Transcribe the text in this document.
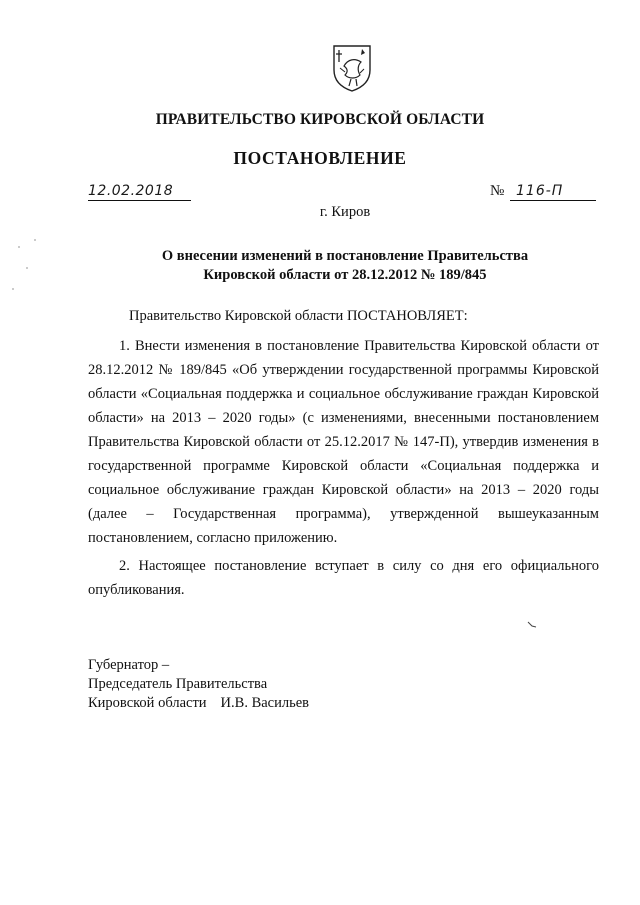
ПРАВИТЕЛЬСТВО КИРОВСКОЙ ОБЛАСТИ
ПОСТАНОВЛЕНИЕ
12.02.2018	№ 116-П
г. Киров
О внесении изменений в постановление Правительства
Кировской области от 28.12.2012 № 189/845

Правительство Кировской области ПОСТАНОВЛЯЕТ:

1. Внести изменения в постановление Правительства Кировской области от 28.12.2012 № 189/845 «Об утверждении государственной программы Кировской области «Социальная поддержка и социальное обслуживание граждан Кировской области» на 2013 – 2020 годы» (с изменениями, внесенными постановлением Правительства Кировской области от 25.12.2017 № 147-П), утвердив изменения в государственной программе Кировской области «Социальная поддержка и социальное обслуживание граждан Кировской области» на 2013 – 2020 годы (далее – Государственная программа), утвержденной вышеуказанным постановлением, согласно приложению.

2. Настоящее постановление вступает в силу со дня его официального опубликования.

Губернатор –
Председатель Правительства
Кировской области И.В. Васильев
